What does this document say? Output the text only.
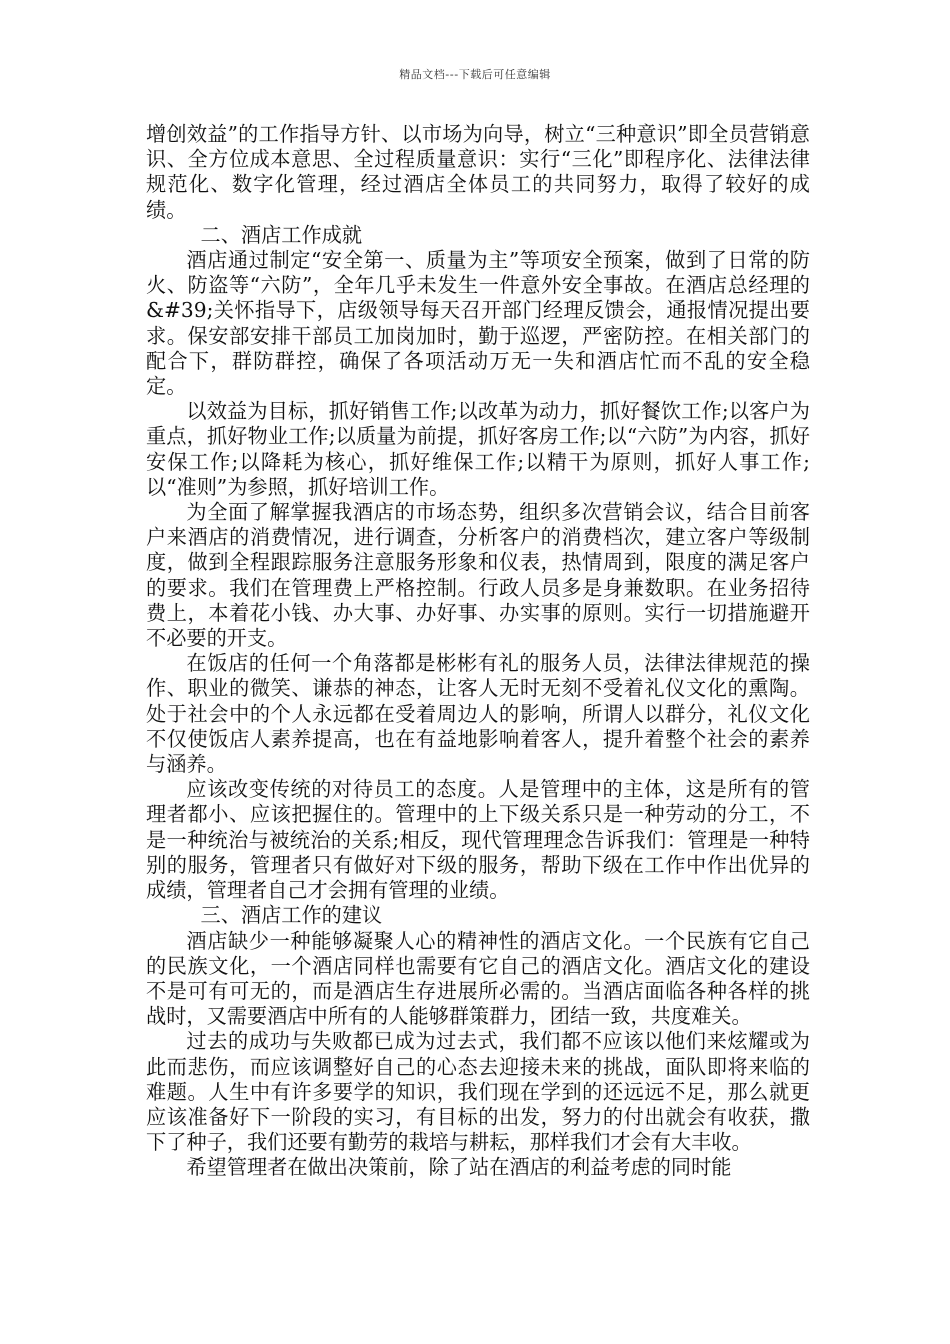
精品文档---下载后可任意编辑

增创效益”的工作指导方针、以市场为向导，树立“三种意识”即全员营销意识、全方位成本意思、全过程质量意识：实行“三化”即程序化、法律法律规范化、数字化管理，经过酒店全体员工的共同努力，取得了较好的成绩。

二、酒店工作成就

酒店通过制定“安全第一、质量为主”等项安全预案，做到了日常的防火、防盗等“六防”，全年几乎未发生一件意外安全事故。在酒店总经理的&#39;关怀指导下，店级领导每天召开部门经理反馈会，通报情况提出要求。保安部安排干部员工加岗加时，勤于巡逻，严密防控。在相关部门的配合下，群防群控，确保了各项活动万无一失和酒店忙而不乱的安全稳定。

以效益为目标，抓好销售工作;以改革为动力，抓好餐饮工作;以客户为重点，抓好物业工作;以质量为前提，抓好客房工作;以“六防”为内容，抓好安保工作;以降耗为核心，抓好维保工作;以精干为原则，抓好人事工作;以“准则”为参照，抓好培训工作。

为全面了解掌握我酒店的市场态势，组织多次营销会议，结合目前客户来酒店的消费情况，进行调查，分析客户的消费档次，建立客户等级制度，做到全程跟踪服务注意服务形象和仪表，热情周到，限度的满足客户的要求。我们在管理费上严格控制。行政人员多是身兼数职。在业务招待费上，本着花小钱、办大事、办好事、办实事的原则。实行一切措施避开不必要的开支。

在饭店的任何一个角落都是彬彬有礼的服务人员，法律法律规范的操作、职业的微笑、谦恭的神态，让客人无时无刻不受着礼仪文化的熏陶。处于社会中的个人永远都在受着周边人的影响，所谓人以群分，礼仪文化不仅使饭店人素养提高，也在有益地影响着客人，提升着整个社会的素养与涵养。

应该改变传统的对待员工的态度。人是管理中的主体，这是所有的管理者都小、应该把握住的。管理中的上下级关系只是一种劳动的分工，不是一种统治与被统治的关系;相反，现代管理理念告诉我们：管理是一种特别的服务，管理者只有做好对下级的服务，帮助下级在工作中作出优异的成绩，管理者自己才会拥有管理的业绩。

三、酒店工作的建议

酒店缺少一种能够凝聚人心的精神性的酒店文化。一个民族有它自己的民族文化，一个酒店同样也需要有它自己的酒店文化。酒店文化的建设不是可有可无的，而是酒店生存进展所必需的。当酒店面临各种各样的挑战时，又需要酒店中所有的人能够群策群力，团结一致，共度难关。

过去的成功与失败都已成为过去式，我们都不应该以他们来炫耀或为此而悲伤，而应该调整好自己的心态去迎接未来的挑战，面队即将来临的难题。人生中有许多要学的知识，我们现在学到的还远远不足，那么就更应该准备好下一阶段的实习，有目标的出发，努力的付出就会有收获，撒下了种子，我们还要有勤劳的栽培与耕耘，那样我们才会有大丰收。

希望管理者在做出决策前，除了站在酒店的利益考虑的同时能
